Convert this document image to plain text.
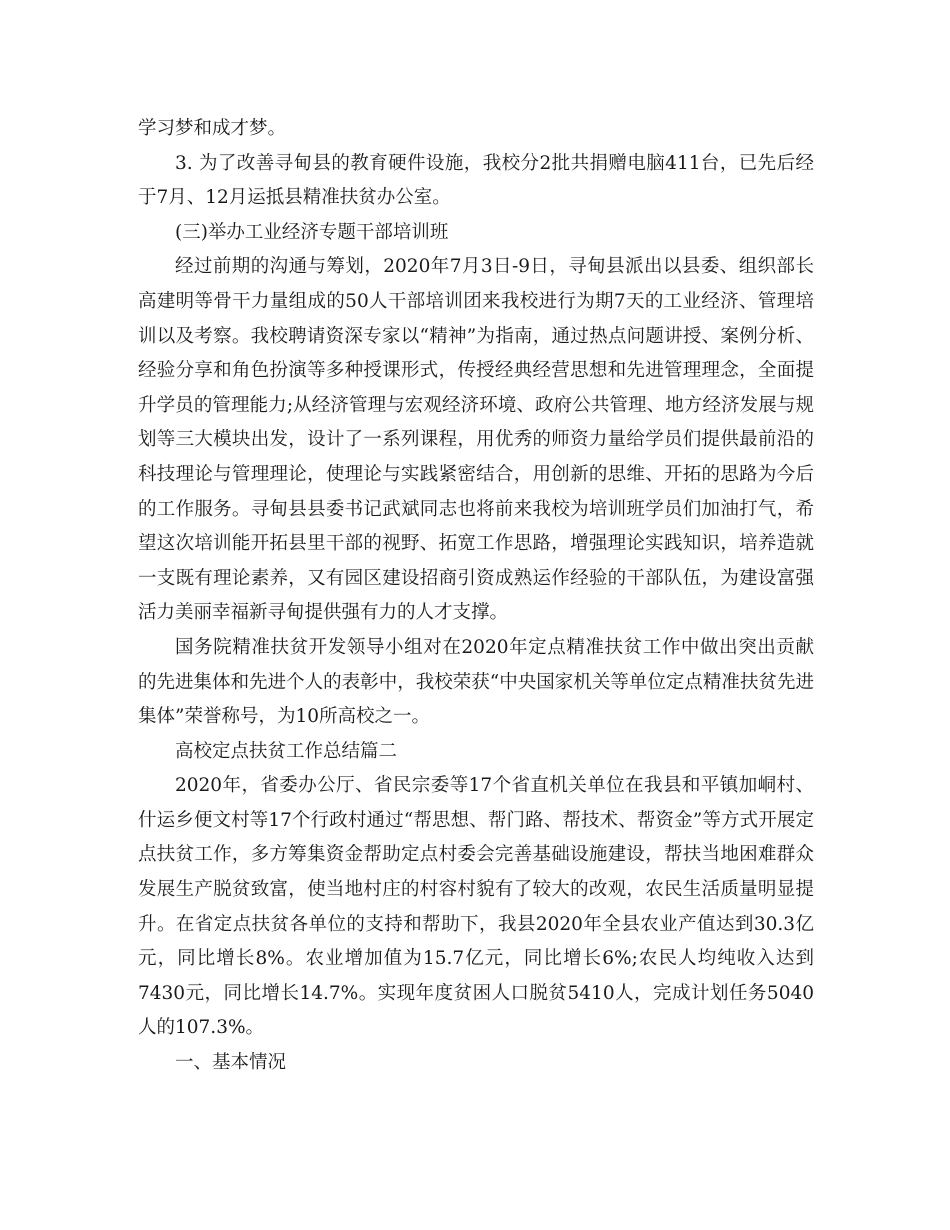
学习梦和成才梦。

3. 为了改善寻甸县的教育硬件设施，我校分2批共捐赠电脑411台，已先后经于7月、12月运抵县精准扶贫办公室。

(三)举办工业经济专题干部培训班

经过前期的沟通与筹划，2020年7月3日-9日，寻甸县派出以县委、组织部长高建明等骨干力量组成的50人干部培训团来我校进行为期7天的工业经济、管理培训以及考察。我校聘请资深专家以“精神”为指南，通过热点问题讲授、案例分析、经验分享和角色扮演等多种授课形式，传授经典经营思想和先进管理理念，全面提升学员的管理能力;从经济管理与宏观经济环境、政府公共管理、地方经济发展与规划等三大模块出发，设计了一系列课程，用优秀的师资力量给学员们提供最前沿的科技理论与管理理论，使理论与实践紧密结合，用创新的思维、开拓的思路为今后的工作服务。寻甸县县委书记武斌同志也将前来我校为培训班学员们加油打气，希望这次培训能开拓县里干部的视野、拓宽工作思路，增强理论实践知识，培养造就一支既有理论素养，又有园区建设招商引资成熟运作经验的干部队伍，为建设富强活力美丽幸福新寻甸提供强有力的人才支撑。

国务院精准扶贫开发领导小组对在2020年定点精准扶贫工作中做出突出贡献的先进集体和先进个人的表彰中，我校荣获“中央国家机关等单位定点精准扶贫先进集体”荣誉称号，为10所高校之一。

高校定点扶贫工作总结篇二

2020年，省委办公厅、省民宗委等17个省直机关单位在我县和平镇加峒村、什运乡便文村等17个行政村通过“帮思想、帮门路、帮技术、帮资金”等方式开展定点扶贫工作，多方筹集资金帮助定点村委会完善基础设施建设，帮扶当地困难群众发展生产脱贫致富，使当地村庄的村容村貌有了较大的改观，农民生活质量明显提升。在省定点扶贫各单位的支持和帮助下，我县2020年全县农业产值达到30.3亿元，同比增长8%。农业增加值为15.7亿元，同比增长6%;农民人均纯收入达到7430元，同比增长14.7%。实现年度贫困人口脱贫5410人，完成计划任务5040人的107.3%。

一、基本情况
